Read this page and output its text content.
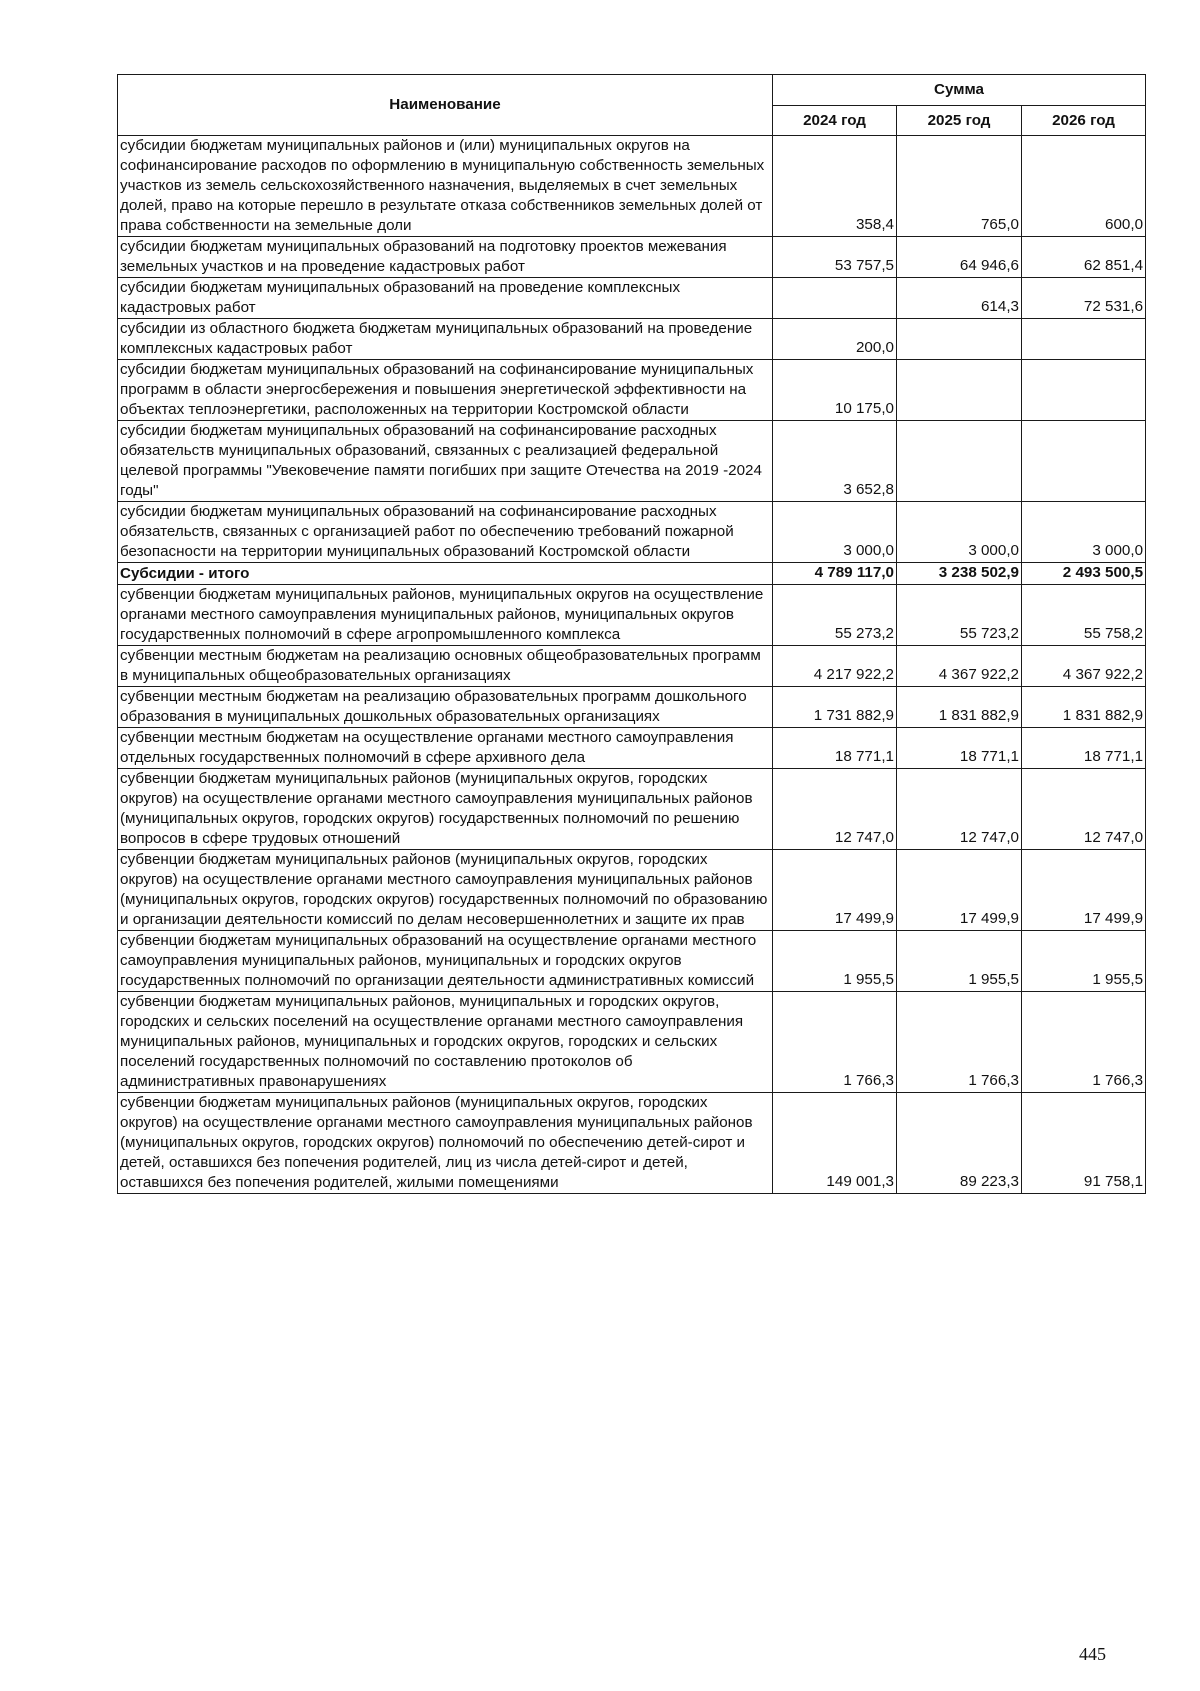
Наименование	Сумма		
	2024 год	2025 год	2026 год
субсидии бюджетам муниципальных районов и (или) муниципальных округов на софинансирование расходов по оформлению в муниципальную собственность земельных участков из земель сельскохозяйственного назначения, выделяемых в счет земельных долей, право на которые перешло в результате отказа собственников земельных долей от права собственности на земельные доли	358,4	765,0	600,0
субсидии бюджетам муниципальных образований на подготовку проектов межевания земельных участков и на проведение кадастровых работ	53 757,5	64 946,6	62 851,4
субсидии бюджетам муниципальных образований на проведение комплексных кадастровых работ		614,3	72 531,6
субсидии из областного бюджета бюджетам муниципальных образований на проведение комплексных кадастровых работ	200,0		
субсидии бюджетам муниципальных образований на софинансирование муниципальных программ в области энергосбережения и повышения энергетической эффективности на объектах теплоэнергетики, расположенных на территории Костромской области	10 175,0		
субсидии бюджетам муниципальных образований на софинансирование расходных обязательств муниципальных образований, связанных с реализацией федеральной целевой программы "Увековечение памяти погибших при защите Отечества на 2019 -2024 годы"	3 652,8		
субсидии бюджетам муниципальных образований на софинансирование расходных обязательств, связанных с организацией работ по обеспечению требований пожарной безопасности на территории муниципальных образований Костромской области	3 000,0	3 000,0	3 000,0
Субсидии - итого	4 789 117,0	3 238 502,9	2 493 500,5
субвенции бюджетам муниципальных районов, муниципальных округов на осуществление органами местного самоуправления муниципальных районов, муниципальных округов государственных полномочий в сфере агропромышленного комплекса	55 273,2	55 723,2	55 758,2
субвенции местным бюджетам на реализацию основных общеобразовательных программ в муниципальных общеобразовательных организациях	4 217 922,2	4 367 922,2	4 367 922,2
субвенции местным бюджетам на реализацию образовательных программ дошкольного образования в муниципальных дошкольных образовательных организациях	1 731 882,9	1 831 882,9	1 831 882,9
субвенции местным бюджетам на осуществление органами местного самоуправления отдельных государственных полномочий в сфере архивного дела	18 771,1	18 771,1	18 771,1
субвенции бюджетам муниципальных районов (муниципальных округов, городских округов) на осуществление органами местного самоуправления муниципальных районов (муниципальных округов, городских округов) государственных полномочий по решению вопросов в сфере трудовых отношений	12 747,0	12 747,0	12 747,0
субвенции бюджетам муниципальных районов (муниципальных округов, городских округов) на осуществление органами местного самоуправления муниципальных районов (муниципальных округов, городских округов) государственных полномочий по образованию и организации деятельности комиссий по делам несовершеннолетних и защите их прав	17 499,9	17 499,9	17 499,9
субвенции бюджетам муниципальных образований на осуществление органами местного самоуправления муниципальных районов, муниципальных и городских округов государственных полномочий по организации деятельности административных комиссий	1 955,5	1 955,5	1 955,5
субвенции бюджетам муниципальных районов, муниципальных и городских округов, городских и сельских поселений на осуществление органами местного самоуправления муниципальных районов, муниципальных и городских округов, городских и сельских поселений государственных полномочий по составлению протоколов об административных правонарушениях	1 766,3	1 766,3	1 766,3
субвенции бюджетам муниципальных районов (муниципальных округов, городских округов) на осуществление органами местного самоуправления муниципальных районов (муниципальных округов, городских округов) полномочий по обеспечению детей-сирот и детей, оставшихся без попечения родителей, лиц из числа детей-сирот и детей, оставшихся без попечения родителей, жилыми помещениями	149 001,3	89 223,3	91 758,1
445
